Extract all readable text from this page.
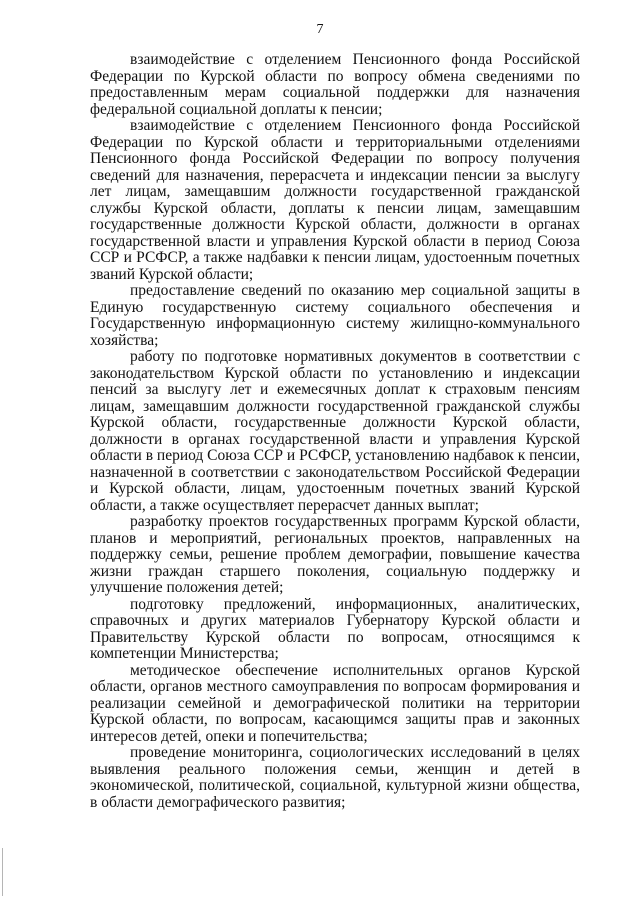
7

взаимодействие с отделением Пенсионного фонда Российской Федерации по Курской области по вопросу обмена сведениями по предоставленным мерам социальной поддержки для назначения федеральной социальной доплаты к пенсии;

взаимодействие с отделением Пенсионного фонда Российской Федерации по Курской области и территориальными отделениями Пенсионного фонда Российской Федерации по вопросу получения сведений для назначения, перерасчета и индексации пенсии за выслугу лет лицам, замещавшим должности государственной гражданской службы Курской области, доплаты к пенсии лицам, замещавшим государственные должности Курской области, должности в органах государственной власти и управления Курской области в период Союза ССР и РСФСР, а также надбавки к пенсии лицам, удостоенным почетных званий Курской области;

предоставление сведений по оказанию мер социальной защиты в Единую государственную систему социального обеспечения и Государственную информационную систему жилищно-коммунального хозяйства;

работу по подготовке нормативных документов в соответствии с законодательством Курской области по установлению и индексации пенсий за выслугу лет и ежемесячных доплат к страховым пенсиям лицам, замещавшим должности государственной гражданской службы Курской области, государственные должности Курской области, должности в органах государственной власти и управления Курской области в период Союза ССР и РСФСР, установлению надбавок к пенсии, назначенной в соответствии с законодательством Российской Федерации и Курской области, лицам, удостоенным почетных званий Курской области, а также осуществляет перерасчет данных выплат;

разработку проектов государственных программ Курской области, планов и мероприятий, региональных проектов, направленных на поддержку семьи, решение проблем демографии, повышение качества жизни граждан старшего поколения, социальную поддержку и улучшение положения детей;

подготовку предложений, информационных, аналитических, справочных и других материалов Губернатору Курской области и Правительству Курской области по вопросам, относящимся к компетенции Министерства;

методическое обеспечение исполнительных органов Курской области, органов местного самоуправления по вопросам формирования и реализации семейной и демографической политики на территории Курской области, по вопросам, касающимся защиты прав и законных интересов детей, опеки и попечительства;

проведение мониторинга, социологических исследований в целях выявления реального положения семьи, женщин и детей в экономической, политической, социальной, культурной жизни общества, в области демографического развития;
